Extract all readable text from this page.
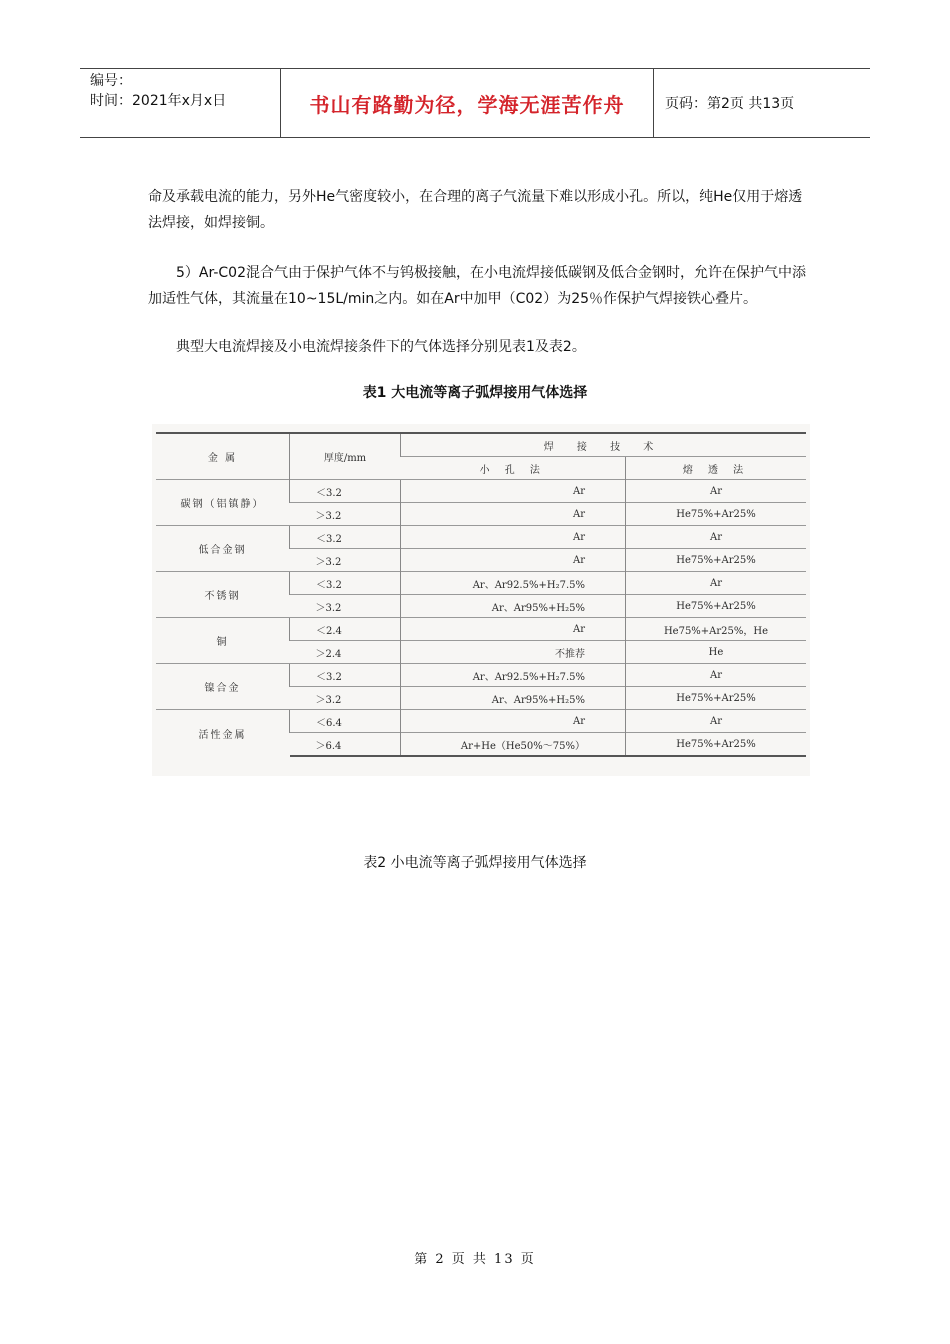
编号：
时间：2021年x月x日	书山有路勤为径，学海无涯苦作舟	页码：第2页 共13页

命及承载电流的能力，另外He气密度较小，在合理的离子气流量下难以形成小孔。所以，纯He仅用于熔透法焊接，如焊接铜。

5）Ar-C02混合气由于保护气体不与钨极接触，在小电流焊接低碳钢及低合金钢时，允许在保护气中添加适性气体，其流量在10~15L/min之内。如在Ar中加甲（C02）为25％作保护气焊接铁心叠片。

典型大电流焊接及小电流焊接条件下的气体选择分别见表1及表2。

表1 大电流等离子弧焊接用气体选择
金 属	厚度/mm	焊 接 技 术	
		小 孔 法	熔 透 法
碳钢（铝镇静）	＜3.2	Ar	Ar
	＞3.2	Ar	He75%+Ar25%
低合金钢	＜3.2	Ar	Ar
	＞3.2	Ar	He75%+Ar25%
不锈钢	＜3.2	Ar、Ar92.5%+H₂7.5%	Ar
	＞3.2	Ar、Ar95%+H₂5%	He75%+Ar25%
铜	＜2.4	Ar	He75%+Ar25%，He
	＞2.4	不推荐	He
镍合金	＜3.2	Ar、Ar92.5%+H₂7.5%	Ar
	＞3.2	Ar、Ar95%+H₂5%	He75%+Ar25%
活性金属	＜6.4	Ar	Ar
	＞6.4	Ar+He（He50%～75%）	He75%+Ar25%
表2 小电流等离子弧焊接用气体选择
第 2 页 共 13 页
